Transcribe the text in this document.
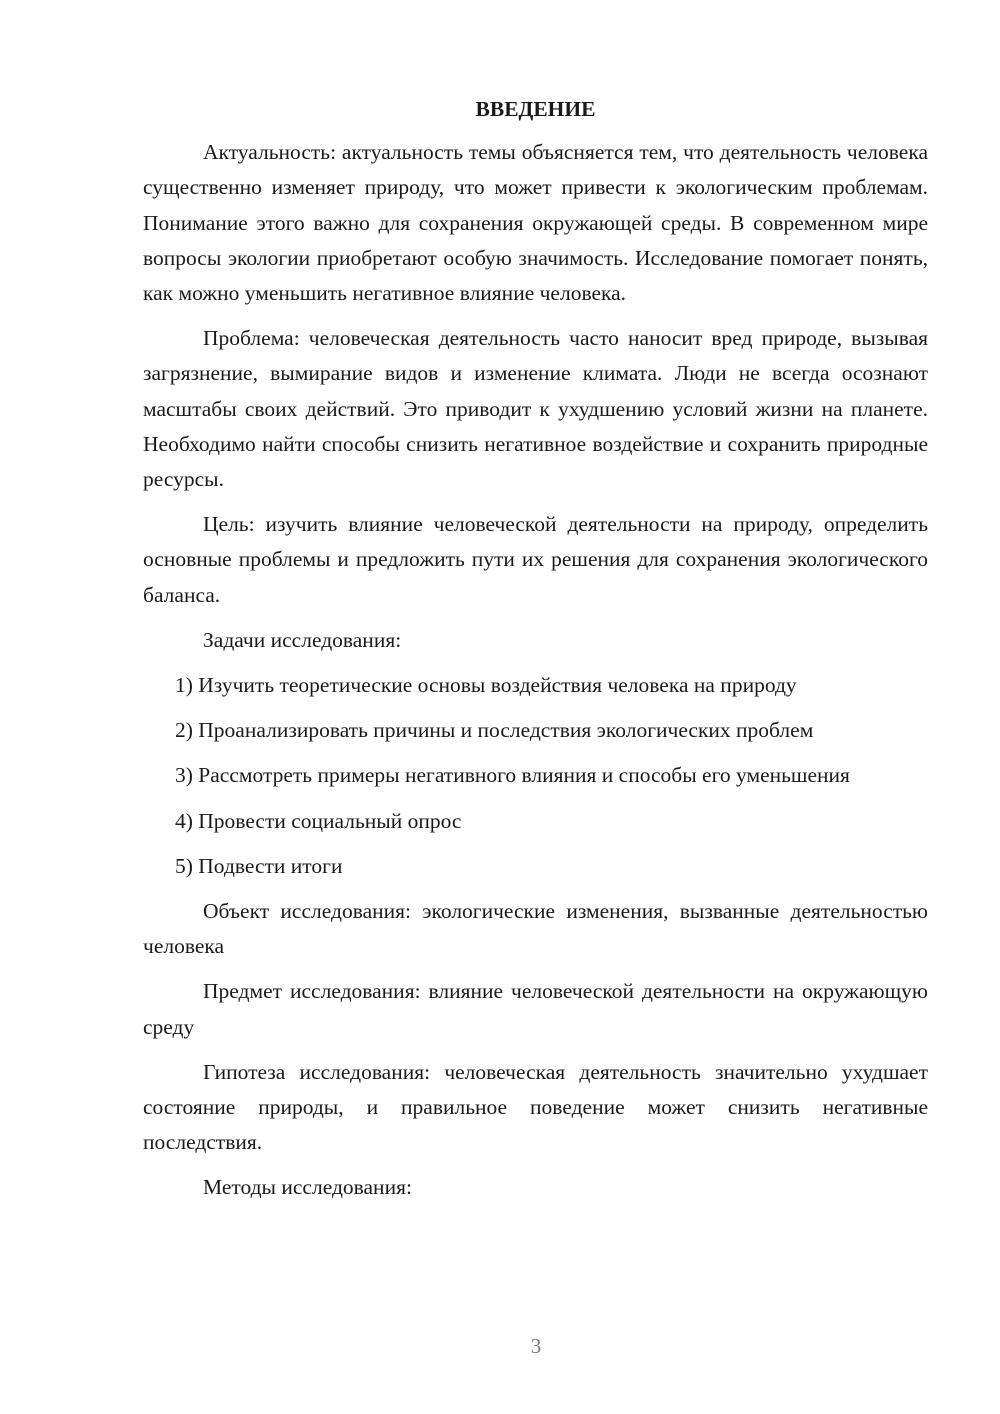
ВВЕДЕНИЕ

Актуальность: актуальность темы объясняется тем, что деятельность человека существенно изменяет природу, что может привести к экологическим проблемам. Понимание этого важно для сохранения окружающей среды. В современном мире вопросы экологии приобретают особую значимость. Исследование помогает понять, как можно уменьшить негативное влияние человека.

Проблема: человеческая деятельность часто наносит вред природе, вызывая загрязнение, вымирание видов и изменение климата. Люди не всегда осознают масштабы своих действий. Это приводит к ухудшению условий жизни на планете. Необходимо найти способы снизить негативное воздействие и сохранить природные ресурсы.

Цель: изучить влияние человеческой деятельности на природу, определить основные проблемы и предложить пути их решения для сохранения экологического баланса.

Задачи исследования:

1) Изучить теоретические основы воздействия человека на природу

2) Проанализировать причины и последствия экологических проблем

3) Рассмотреть примеры негативного влияния и способы его уменьшения

4) Провести социальный опрос

5) Подвести итоги

Объект исследования: экологические изменения, вызванные деятельностью человека

Предмет исследования: влияние человеческой деятельности на окружающую среду

Гипотеза исследования: человеческая деятельность значительно ухудшает состояние природы, и правильное поведение может снизить негативные последствия.

Методы исследования:

3
